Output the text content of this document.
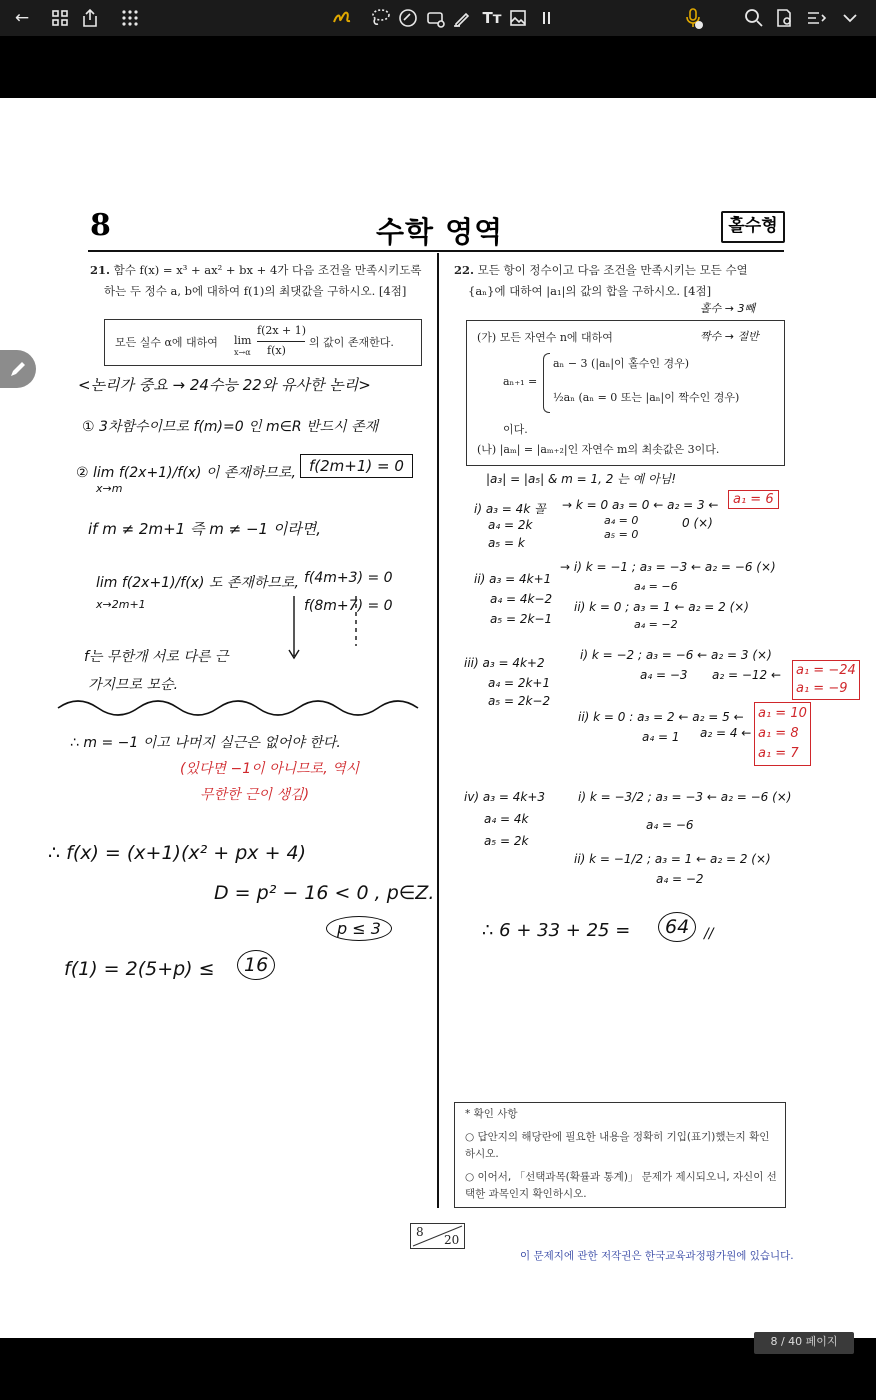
←	Tт
8	수학 영역	홀수형
21. 함수 f(x) = x³ + ax² + bx + 4가 다음 조건을 만족시키도록
하는 두 정수 a, b에 대하여 f(1)의 최댓값을 구하시오. [4점]
모든 실수 α에 대하여 lim
x→α
f(2x + 1)
f(x)
의 값이 존재한다.
22. 모든 항이 정수이고 다음 조건을 만족시키는 모든 수열
{aₙ}에 대하여 |a₁|의 값의 합을 구하시오. [4점]
(가) 모든 자연수 n에 대하여
aₙ₊₁ =
aₙ − 3 (|aₙ|이 홀수인 경우)
½aₙ (aₙ = 0 또는 |aₙ|이 짝수인 경우)
이다.
(나) |aₘ| = |aₘ₊₂|인 자연수 m의 최솟값은 3이다.
<논리가 중요 → 24수능 22와 유사한 논리>
① 3차함수이므로 f(m)=0 인 m∈R 반드시 존재
② lim f(2x+1)/f(x) 이 존재하므로,
x→m
f(2m+1) = 0
if m ≠ 2m+1 즉 m ≠ −1 이라면,
lim f(2x+1)/f(x) 도 존재하므로,
x→2m+1
f(4m+3) = 0
f(8m+7) = 0
f는 무한개 서로 다른 근
가지므로 모순.
∴ m = −1 이고 나머지 실근은 없어야 한다.
(있다면 −1이 아니므로, 역시
무한한 근이 생김)
∴ f(x) = (x+1)(x² + px + 4)
D = p² − 16 < 0 , p∈Z.
p ≤ 3
f(1) = 2(5+p) ≤	16
홀수 → 3빼
짝수 → 절반
|a₃| = |a₅| & m = 1, 2 는 예 아님!
i) a₃ = 4k 꼴
a₄ = 2k
a₅ = k
→ k = 0 a₃ = 0 ← a₂ = 3 ←	a₁ = 6
a₄ = 0
a₅ = 0
0 (×)
ii) a₃ = 4k+1
a₄ = 4k−2
a₅ = 2k−1
→ i) k = −1 ; a₃ = −3 ← a₂ = −6 (×)
a₄ = −6
ii) k = 0 ; a₃ = 1 ← a₂ = 2 (×)
a₄ = −2
iii) a₃ = 4k+2
a₄ = 2k+1
a₅ = 2k−2
i) k = −2 ; a₃ = −6 ← a₂ = 3 (×)
a₄ = −3 a₂ = −12 ←	a₁ = −24
a₁ = −9
ii) k = 0 : a₃ = 2 ← a₂ = 5 ←
a₄ = 1 a₂ = 4 ←
a₁ = 10
a₁ = 8
a₁ = 7
iv) a₃ = 4k+3
a₄ = 4k
a₅ = 2k
i) k = −3/2 ; a₃ = −3 ← a₂ = −6 (×)
a₄ = −6
ii) k = −1/2 ; a₃ = 1 ← a₂ = 2 (×)
a₄ = −2
∴ 6 + 33 + 25 =	64	//
* 확인 사항
○ 답안지의 해당란에 필요한 내용을 정확히 기입(표기)했는지 확인하시오.
○ 이어서, 「선택과목(확률과 통계)」 문제가 제시되오니, 자신이 선택한 과목인지 확인하시오.
8
20
이 문제지에 관한 저작권은 한국교육과정평가원에 있습니다.
8 / 40 페이지
